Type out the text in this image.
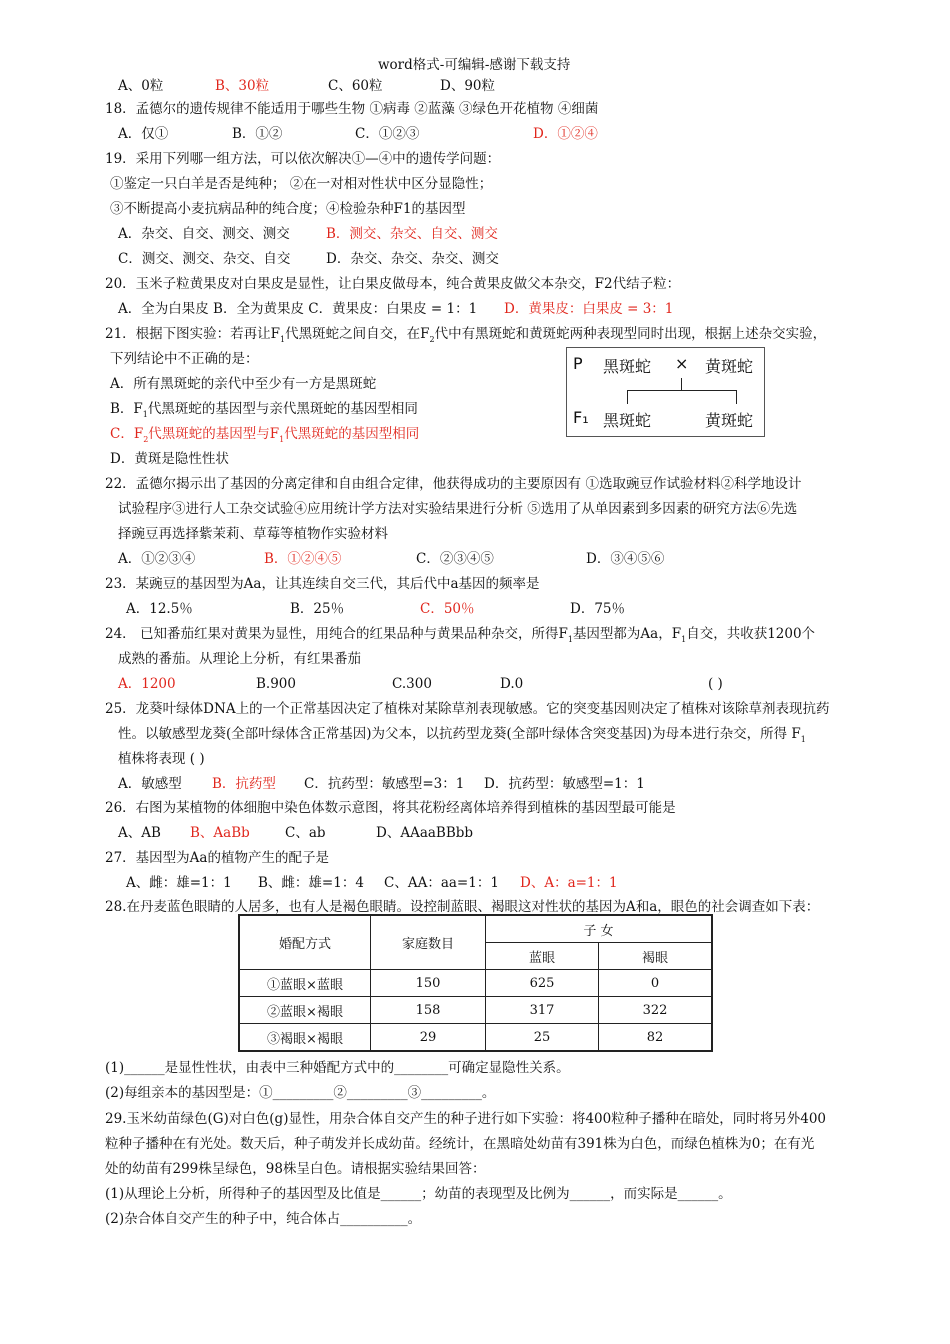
word格式-可编辑-感谢下载支持
A、0粒	B、30粒	C、60粒	D、90粒
18．孟德尔的遗传规律不能适用于哪些生物 ①病毒 ②蓝藻 ③绿色开花植物 ④细菌
A．仅①	B．①②	C．①②③	D．①②④
19．采用下列哪一组方法，可以依次解决①—④中的遗传学问题：
①鉴定一只白羊是否是纯种； ②在一对相对性状中区分显隐性；
③不断提高小麦抗病品种的纯合度；④检验杂种F1的基因型
A．杂交、自交、测交、测交	B．测交、杂交、自交、测交
C．测交、测交、杂交、自交	D．杂交、杂交、杂交、测交
20．玉米子粒黄果皮对白果皮是显性，让白果皮做母本，纯合黄果皮做父本杂交，F2代结子粒：
A．全为白果皮 B．全为黄果皮 C．黄果皮：白果皮 = 1：1 D．黄果皮：白果皮 = 3：1
21．根据下图实验：若再让$F_1$代黑斑蛇之间自交，在$F_2$代中有黑斑蛇和黄斑蛇两种表现型同时出现，根据上述杂交实验，
下列结论中不正确的是：
A．所有黑斑蛇的亲代中至少有一方是黑斑蛇
B．$F_1$代黑斑蛇的基因型与亲代黑斑蛇的基因型相同
C．$F_2$代黑斑蛇的基因型与$F_1$代黑斑蛇的基因型相同
D．黄斑是隐性性状
P 黑斑蛇 × 黄斑蛇
F₁ 黑斑蛇	黄斑蛇
22．孟德尔揭示出了基因的分离定律和自由组合定律，他获得成功的主要原因有 ①选取豌豆作试验材料②科学地设计
试验程序③进行人工杂交试验④应用统计学方法对实验结果进行分析 ⑤选用了从单因素到多因素的研究方法⑥先选
择豌豆再选择紫茉莉、草莓等植物作实验材料
A．①②③④	B．①②④⑤	C．②③④⑤	D．③④⑤⑥
23．某豌豆的基因型为Aa，让其连续自交三代，其后代中a基因的频率是
A．12.5％	B．25％	C．50％	D．75％
24． 已知番茄红果对黄果为显性，用纯合的红果品种与黄果品种杂交，所得$F_1$基因型都为Aa，$F_1$自交，共收获1200个
成熟的番茄。从理论上分析，有红果番茄
A．1200	B.900	C.300	D.0	( )
25．龙葵叶绿体DNA上的一个正常基因决定了植株对某除草剂表现敏感。它的突变基因则决定了植株对该除草剂表现抗药
性。以敏感型龙葵(全部叶绿体含正常基因)为父本，以抗药型龙葵(全部叶绿体含突变基因)为母本进行杂交，所得 $F_1$
植株将表现 ( )
A．敏感型 B．抗药型 C．抗药型：敏感型=3：1 D．抗药型：敏感型=1：1
26．右图为某植物的体细胞中染色体数示意图，将其花粉经离体培养得到植株的基因型最可能是
A、AB B、AaBb	C、ab	D、AAaaBBbb
27．基因型为Aa的植物产生的配子是
A、雌：雄=1：1 B、雌：雄=1：4 C、AA：aa=1：1 D、A：a=1：1
28.在丹麦蓝色眼睛的人居多，也有人是褐色眼睛。设控制蓝眼、褐眼这对性状的基因为A和a，眼色的社会调查如下表：
婚配方式	家庭数目	子 女	
		蓝眼	褐眼
①蓝眼×蓝眼	150	625	0
②蓝眼×褐眼	158	317	322
③褐眼×褐眼	29	25	82
(1)______是显性性状，由表中三种婚配方式中的________可确定显隐性关系。
(2)每组亲本的基因型是：①_________②_________③_________。
29.玉米幼苗绿色(G)对白色(g)显性，用杂合体自交产生的种子进行如下实验：将400粒种子播种在暗处，同时将另外400
粒种子播种在有光处。数天后，种子萌发并长成幼苗。经统计，在黑暗处幼苗有391株为白色，而绿色植株为0；在有光
处的幼苗有299株呈绿色，98株呈白色。请根据实验结果回答：
(1)从理论上分析，所得种子的基因型及比值是______；幼苗的表现型及比例为______，而实际是______。
(2)杂合体自交产生的种子中，纯合体占__________。
